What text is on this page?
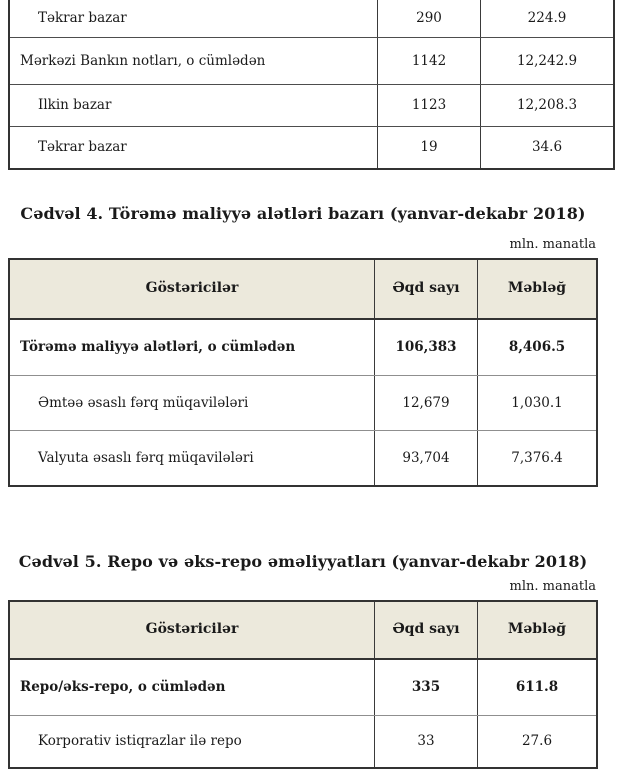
Təkrar bazar	290	224.9
Mərkəzi Bankın notları, o cümlədən	1142	12,242.9
Ilkin bazar	1123	12,208.3
Təkrar bazar	19	34.6
Cədvəl 4. Törəmə maliyyə alətləri bazarı (yanvar-dekabr 2018)
mln. manatla
Göstəricilər	Əqd sayı	Məbləğ
Törəmə maliyyə alətləri, o cümlədən	106,383	8,406.5
Əmtəə əsaslı fərq müqavilələri	12,679	1,030.1
Valyuta əsaslı fərq müqavilələri	93,704	7,376.4
Cədvəl 5. Repo və əks-repo əməliyyatları (yanvar-dekabr 2018)
mln. manatla
Göstəricilər	Əqd sayı	Məbləğ
Repo/əks-repo, o cümlədən	335	611.8
Korporativ istiqrazlar ilə repo	33	27.6
